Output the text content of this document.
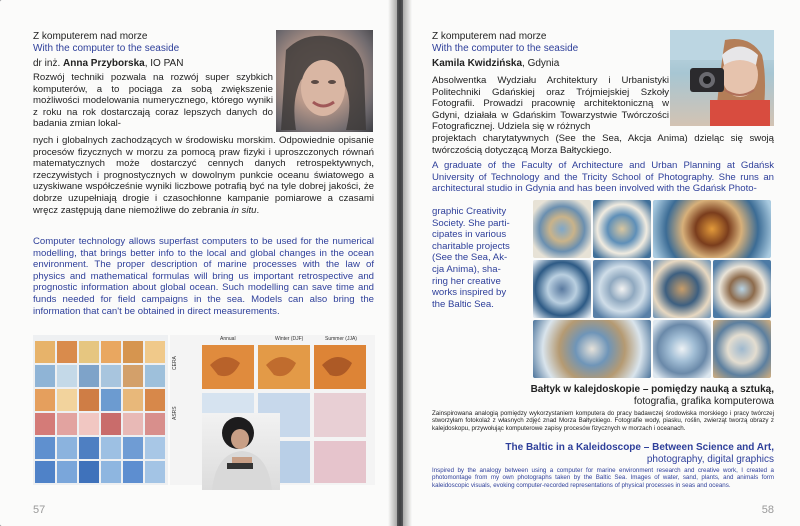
Z komputerem nad morze
With the computer to the seaside
dr inż. Anna Przyborska, IO PAN
Rozwój techniki pozwala na rozwój super szybkich komputerów, a to pociąga za sobą zwiększenie możliwości modelowania numerycznego, którego wyniki z roku na rok dostarczają coraz lepszych danych do badania zmian lokal-
nych i globalnych zachodzących w środowisku morskim. Odpowiednie opisanie procesów fizycznych w morzu za pomocą praw fizyki i uproszczonych równań matematycznych może dostarczyć cennych danych retrospektywnych, rzeczywistych i prognostycznych w dowolnym punkcie oceanu światowego a uzyskiwane współcześnie wyniki liczbowe potrafią być na tyle dobrej jakości, że dobrze uzupełniają drogie i czasochłonne kampanie pomiarowe a czasami wręcz zastępują dane niemożliwe do zebrania in situ.
Computer technology allows superfast computers to be used for the numerical modelling, that brings better info to the local and global changes in the ocean environment. The proper description of marine processes with the law of physics and mathematical formulas will bring us important retrospective and prognostic information about global ocean. Such modelling can save time and funds needed for field campaigns in the sea. Models can also bring the information that can't be obtained in direct measurements.
Annual	Winter (DJF)	Summer (JJA)
CERA
ASRS
57
Z komputerem nad morze
With the computer to the seaside
Kamila Kwidzińska, Gdynia
Absolwentka Wydziału Architektury i Urbanistyki Politechniki Gdańskiej oraz Trójmiejskiej Szkoły Fotografii. Prowadzi pracownię architektoniczną w Gdyni, działała w Gdańskim Towarzystwie Twórczości Fotograficznej. Udziela się w różnych
projektach charytatywnych (See the Sea, Akcja Anima) dzieląc się swoją twórczością dotyczącą Morza Bałtyckiego.
A graduate of the Faculty of Architecture and Urban Planning at Gdańsk University of Technology and the Tricity School of Photography. She runs an architectural studio in Gdynia and has been involved with the Gdańsk Photo-
graphic Creativity
Society. She parti-
cipates in various
charitable projects
(See the Sea, Ak-
cja Anima), sha-
ring her creative
works inspired by
the Baltic Sea.
Bałtyk w kalejdoskopie – pomiędzy nauką a sztuką,
fotografia, grafika komputerowa
Zainspirowana analogią pomiędzy wykorzystaniem komputera do pracy badawczej środowiska morskiego i pracy twórczej stworzyłam fotokolaż z własnych zdjęć znad Morza Bałtyckiego. Fotografie wody, piasku, roślin, zwierząt tworzą obrazy z kalejdoskopu, przywołując komputerowe zapisy procesów fizycznych w morzach i oceanach.
The Baltic in a Kaleidoscope – Between Science and Art,
photography, digital graphics
Inspired by the analogy between using a computer for marine environment research and creative work, I created a photomontage from my own photographs taken by the Baltic Sea. Images of water, sand, plants, and animals form kaleidoscopic visuals, evoking computer-recorded representations of physical processes in seas and oceans.
58
